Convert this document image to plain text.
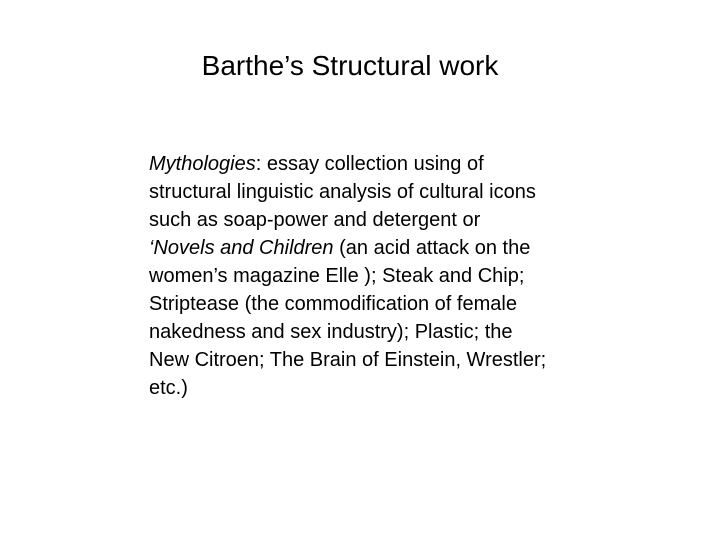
Barthe’s Structural work

Mythologies: essay collection using of structural linguistic analysis of cultural icons such as soap-power and detergent or ‘Novels and Children (an acid attack on the women’s magazine Elle ); Steak and Chip; Striptease (the commodification of female nakedness and sex industry); Plastic; the New Citroen; The Brain of Einstein, Wrestler; etc.)
